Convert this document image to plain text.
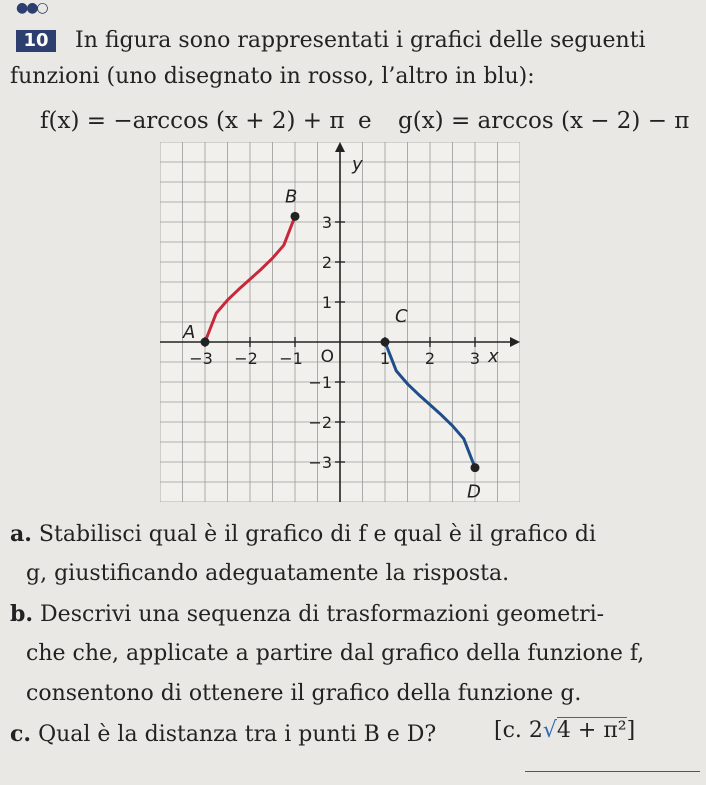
●●○
10	In figura sono rappresentati i grafici delle seguenti
funzioni (uno disegnato in rosso, l’altro in blu):
f(x) = −arccos (x + 2) + π e g(x) = arccos (x − 2) − π
−3 −2 −1	1 2 3
3
2
1
−1
−2
−3
O	x
y
A
B
C
D
a. Stabilisci qual è il grafico di f e qual è il grafico di
g, giustificando adeguatamente la risposta.
b. Descrivi una sequenza di trasformazioni geometri-
che che, applicate a partire dal grafico della funzione f,
consentono di ottenere il grafico della funzione g.
c. Qual è la distanza tra i punti B e D?	[c. 2√4 + π²]
